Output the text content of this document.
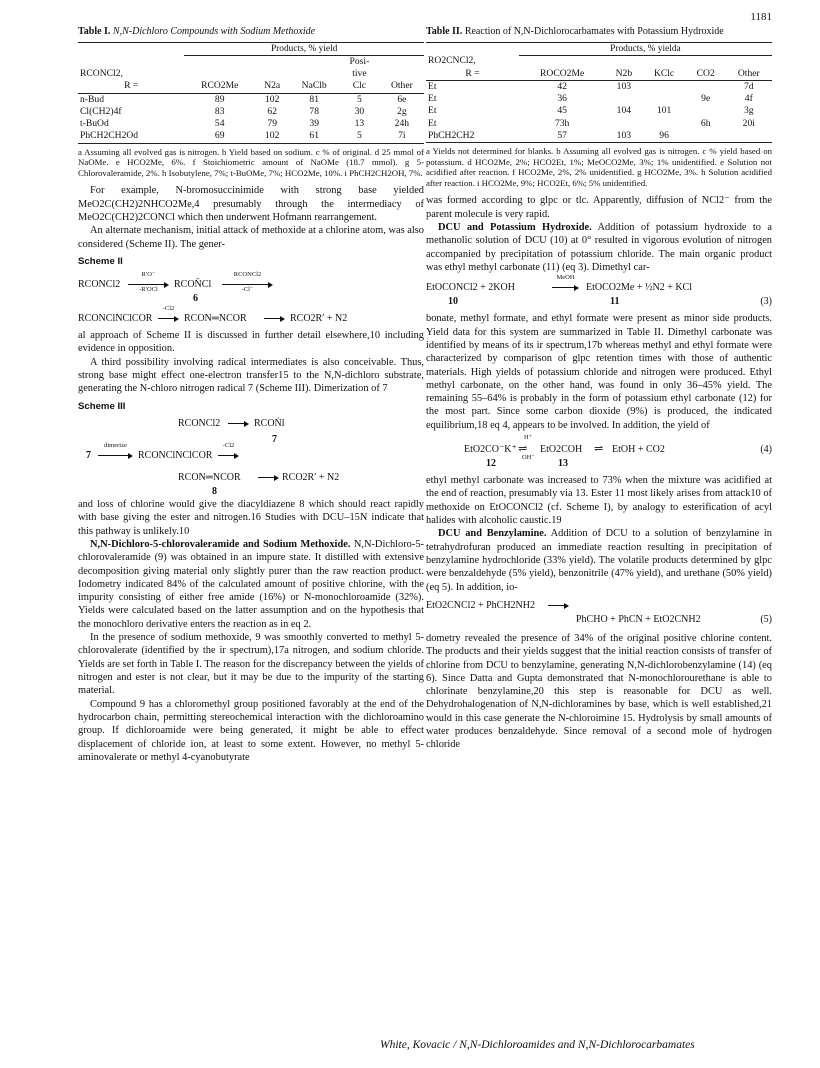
1181
Table I. N,N-Dichloro Compounds with Sodium Methoxide

	Products, % yield				
				Posi-	
RCONCl2,				tive	
R =	RCO2Me	N2a	NaClb	Clc	Other

n-Bud	89	102	81	5	6e
Cl(CH2)4f	83	62	78	30	2g
t-BuOd	54	79	39	13	24h
PhCH2CH2Od	69	102	61	5	7i

a Assuming all evolved gas is nitrogen. b Yield based on sodium. c % of original. d 25 mmol of NaOMe. e HCO2Me, 6%. f Stoichiometric amount of NaOMe (18.7 mmol). g 5-Chlorovaleramide, 2%. h Isobutylene, 7%; t-BuOMe, 7%; HCO2Me, 10%. i PhCH2CH2OH, 7%.

For example, N-bromosuccinimide with strong base yielded MeO2C(CH2)2NHCO2Me,4 presumably through the intermediacy of MeO2C(CH2)2CONCl which then underwent Hofmann rearrangement.

An alternate mechanism, initial attack of methoxide at a chlorine atom, was also considered (Scheme II). The gener-

Scheme II
RCONCl2
R′O⁻
-R′OCl	RCON̄Cl
RCONCl2
-Cl⁻
6
RCONClNClCOR
-Cl2
RCON═NCOR	RCO2R′ + N2

al approach of Scheme II is discussed in further detail elsewhere,10 including evidence in opposition.

A third possibility involving radical intermediates is also conceivable. Thus, strong base might effect one-electron transfer15 to the N,N-dichloro substrate, generating the N-chloro nitrogen radical 7 (Scheme III). Dimerization of 7

Scheme III
RCONCl2	RCOṄl
7
7
dimerize
RCONClNClCOR
-Cl2
RCON═NCOR	RCO2R′ + N2
8

and loss of chlorine would give the diacyldiazene 8 which should react rapidly with base giving the ester and nitrogen.16 Studies with DCU–15N indicate that this pathway is unlikely.10

N,N-Dichloro-5-chlorovaleramide and Sodium Methoxide. N,N-Dichloro-5-chlorovaleramide (9) was obtained in an impure state. It distilled with extensive decomposition giving material only slightly purer than the raw reaction product. Iodometry indicated 84% of the calculated amount of positive chlorine, with the impurity consisting of either free amide (16%) or N-monochloroamide (32%). Yields were calculated based on the latter assumption and on the hypothesis that the monochloro derivative enters the reaction as in eq 2.

In the presence of sodium methoxide, 9 was smoothly converted to methyl 5-chlorovalerate (identified by the ir spectrum),17a nitrogen, and sodium chloride. Yields are set forth in Table I. The reason for the discrepancy between the yields of nitrogen and ester is not clear, but it may be due to the impurity of the starting material.

Compound 9 has a chloromethyl group positioned favorably at the end of the hydrocarbon chain, permitting stereochemical interaction with the dichloroamino group. If dichloroamide were being generated, it might be able to effect displacement of chloride ion, at least to some extent. However, no methyl 5-aminovalerate or methyl 4-cyanobutyrate

Table II. Reaction of N,N-Dichlorocarbamates with Potassium Hydroxide

	Products, % yielda				
RO2CNCl2,					
R =	ROCO2Me	N2b	KClc	CO2	Other

Et	42	103			7d
Et	36			9e	4f
Et	45	104	101		3g
Et	73h			6h	20i
PhCH2CH2	57	103	96		

a Yields not determined for blanks. b Assuming all evolved gas is nitrogen. c % yield based on potassium. d HCO2Me, 2%; HCO2Et, 1%; MeOCO2Me, 3%; 1% unidentified. e Solution not acidified after reaction. f HCO2Me, 2%, 2% unidentified. g HCO2Me, 3%. h Solution acidified after reaction. i HCO2Me, 9%; HCO2Et, 6%; 5% unidentified.

was formed according to glpc or tlc. Apparently, diffusion of NCl2⁻ from the parent molecule is very rapid.

DCU and Potassium Hydroxide. Addition of potassium hydroxide to a methanolic solution of DCU (10) at 0° resulted in vigorous evolution of nitrogen accompanied by precipitation of potassium chloride. The main organic product was ethyl methyl carbonate (11) (eq 3). Dimethyl car-

EtOCONCl2 + 2KOH
MeOH
EtOCO2Me + ½N2 + KCl
(3)
10	11

bonate, methyl formate, and ethyl formate were present as minor side products. Yield data for this system are summarized in Table II. Dimethyl carbonate was identified by means of its ir spectrum,17b whereas methyl and ethyl formate were characterized by comparison of glpc retention times with those of authentic materials. High yields of potassium chloride and nitrogen were produced. Ethyl methyl carbonate, on the other hand, was found in only 36–45% yield. The remaining 55–64% is probably in the form of potassium ethyl carbonate (12) for the most part. Since some carbon dioxide (9%) is produced, the indicated equilibrium,18 eq 4, appears to be involved. In addition, the yield of

EtO2CO⁻K⁺
H⁺
⇌
OH⁻
EtO2COH ⇌ EtOH + CO2	(4)
12	13

ethyl methyl carbonate was increased to 73% when the mixture was acidified at the end of reaction, presumably via 13. Ester 11 most likely arises from attack10 of methoxide on EtOCONCl2 (cf. Scheme I), by analogy to esterification of acyl halides with alcoholic caustic.19

DCU and Benzylamine. Addition of DCU to a solution of benzylamine in tetrahydrofuran produced an immediate reaction resulting in precipitation of benzylamine hydrochloride (33% yield). The volatile products determined by glpc were benzaldehyde (5% yield), benzonitrile (47% yield), and urethane (50% yield) (eq 5). In addition, io-

EtO2CNCl2 + PhCH2NH2
PhCHO + PhCN + EtO2CNH2	(5)

dometry revealed the presence of 34% of the original positive chlorine content. The products and their yields suggest that the initial reaction consists of transfer of chlorine from DCU to benzylamine, generating N,N-dichlorobenzylamine (14) (eq 6). Since Datta and Gupta demonstrated that N-monochlorourethane is able to chlorinate benzylamine,20 this step is reasonable for DCU as well. Dehydrohalogenation of N,N-dichloramines by base, which is well established,21 would in this case generate the N-chloroimine 15. Hydrolysis by small amounts of water produces benzaldehyde. Since removal of a second mole of hydrogen chloride

White, Kovacic / N,N-Dichloroamides and N,N-Dichlorocarbamates
